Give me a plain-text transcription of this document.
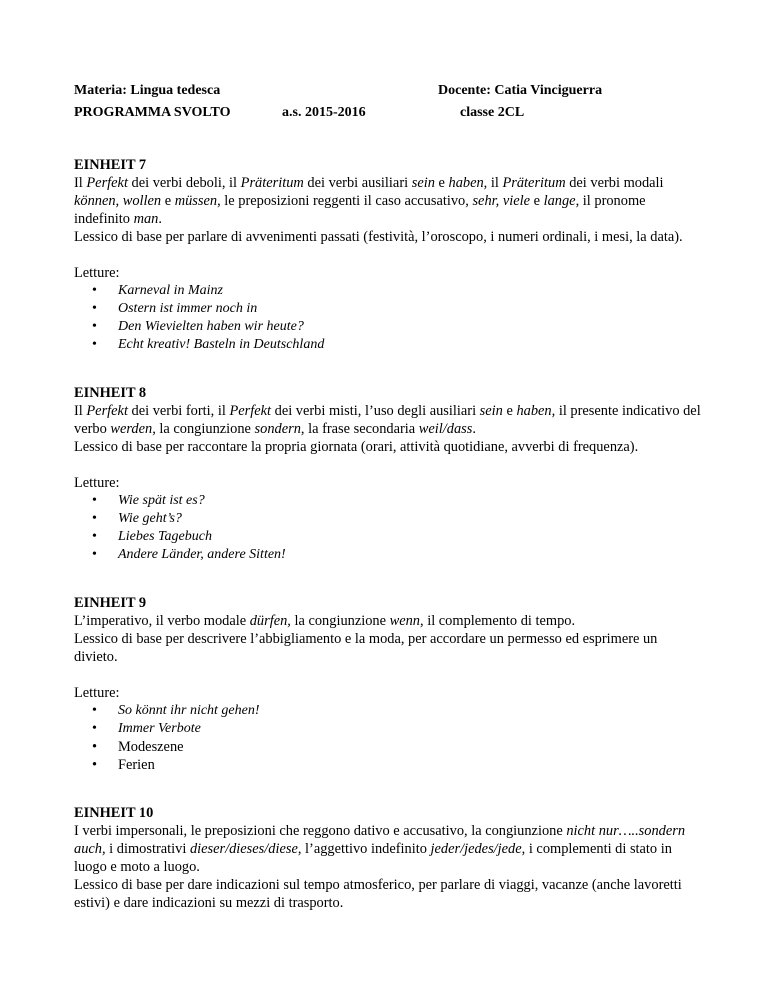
Materia: Lingua tedesca	Docente: Catia Vinciguerra
PROGRAMMA SVOLTO	a.s. 2015-2016	classe 2CL
EINHEIT 7

Il Perfekt dei verbi deboli, il Präteritum dei verbi ausiliari sein e haben, il Präteritum dei verbi modali können, wollen e müssen, le preposizioni reggenti il caso accusativo, sehr, viele e lange, il pronome indefinito man.

Lessico di base per parlare di avvenimenti passati (festività, l’oroscopo, i numeri ordinali, i mesi, la data).

Letture:
• Karneval in Mainz
• Ostern ist immer noch in
• Den Wievielten haben wir heute?
• Echt kreativ! Basteln in Deutschland
EINHEIT 8

Il Perfekt dei verbi forti, il Perfekt dei verbi misti, l’uso degli ausiliari sein e haben, il presente indicativo del verbo werden, la congiunzione sondern, la frase secondaria weil/dass.

Lessico di base per raccontare la propria giornata (orari, attività quotidiane, avverbi di frequenza).

Letture:
• Wie spät ist es?
• Wie geht’s?
• Liebes Tagebuch
• Andere Länder, andere Sitten!
EINHEIT 9

L’imperativo, il verbo modale dürfen, la congiunzione wenn, il complemento di tempo.

Lessico di base per descrivere l’abbigliamento e la moda, per accordare un permesso ed esprimere un divieto.

Letture:
• So könnt ihr nicht gehen!
• Immer Verbote
• Modeszene
• Ferien
EINHEIT 10

I verbi impersonali, le preposizioni che reggono dativo e accusativo, la congiunzione nicht nur…..sondern auch, i dimostrativi dieser/dieses/diese, l’aggettivo indefinito jeder/jedes/jede, i complementi di stato in luogo e moto a luogo.

Lessico di base per dare indicazioni sul tempo atmosferico, per parlare di viaggi, vacanze (anche lavoretti estivi) e dare indicazioni su mezzi di trasporto.
